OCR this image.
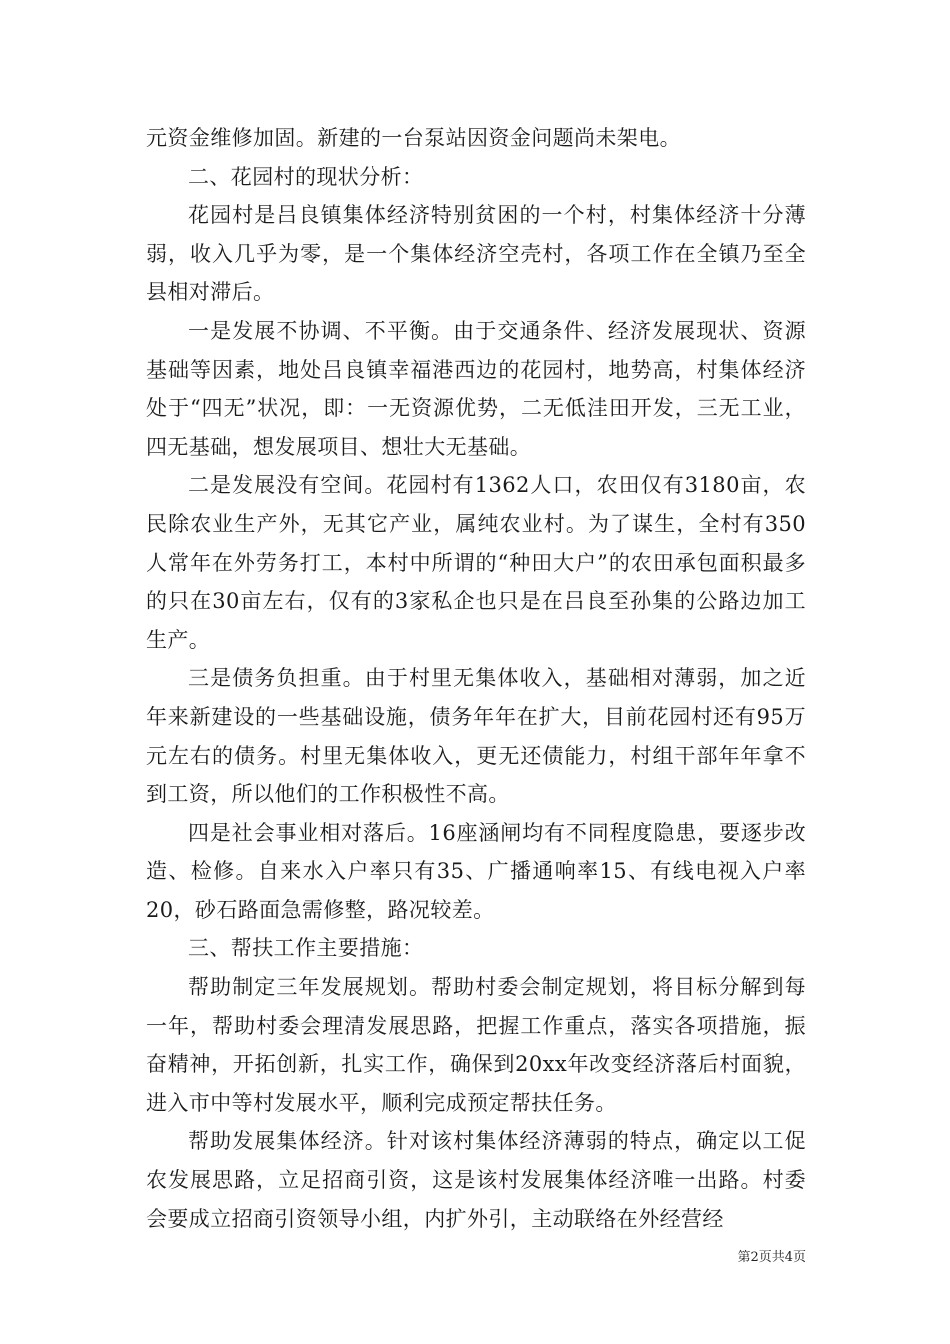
元资金维修加固。新建的一台泵站因资金问题尚未架电。

二、花园村的现状分析：

花园村是吕良镇集体经济特别贫困的一个村，村集体经济十分薄弱，收入几乎为零，是一个集体经济空壳村，各项工作在全镇乃至全县相对滞后。

一是发展不协调、不平衡。由于交通条件、经济发展现状、资源基础等因素，地处吕良镇幸福港西边的花园村，地势高，村集体经济处于“四无”状况，即：一无资源优势，二无低洼田开发，三无工业，四无基础，想发展项目、想壮大无基础。

二是发展没有空间。花园村有1362人口，农田仅有3180亩，农民除农业生产外，无其它产业，属纯农业村。为了谋生，全村有350人常年在外劳务打工，本村中所谓的“种田大户”的农田承包面积最多的只在30亩左右，仅有的3家私企也只是在吕良至孙集的公路边加工生产。

三是债务负担重。由于村里无集体收入，基础相对薄弱，加之近年来新建设的一些基础设施，债务年年在扩大，目前花园村还有95万元左右的债务。村里无集体收入，更无还债能力，村组干部年年拿不到工资，所以他们的工作积极性不高。

四是社会事业相对落后。16座涵闸均有不同程度隐患，要逐步改造、检修。自来水入户率只有35、广播通响率15、有线电视入户率20，砂石路面急需修整，路况较差。

三、帮扶工作主要措施：

帮助制定三年发展规划。帮助村委会制定规划，将目标分解到每一年，帮助村委会理清发展思路，把握工作重点，落实各项措施，振奋精神，开拓创新，扎实工作，确保到20xx年改变经济落后村面貌，进入市中等村发展水平，顺利完成预定帮扶任务。

帮助发展集体经济。针对该村集体经济薄弱的特点，确定以工促农发展思路，立足招商引资，这是该村发展集体经济唯一出路。村委会要成立招商引资领导小组，内扩外引，主动联络在外经营经

第2页共4页
